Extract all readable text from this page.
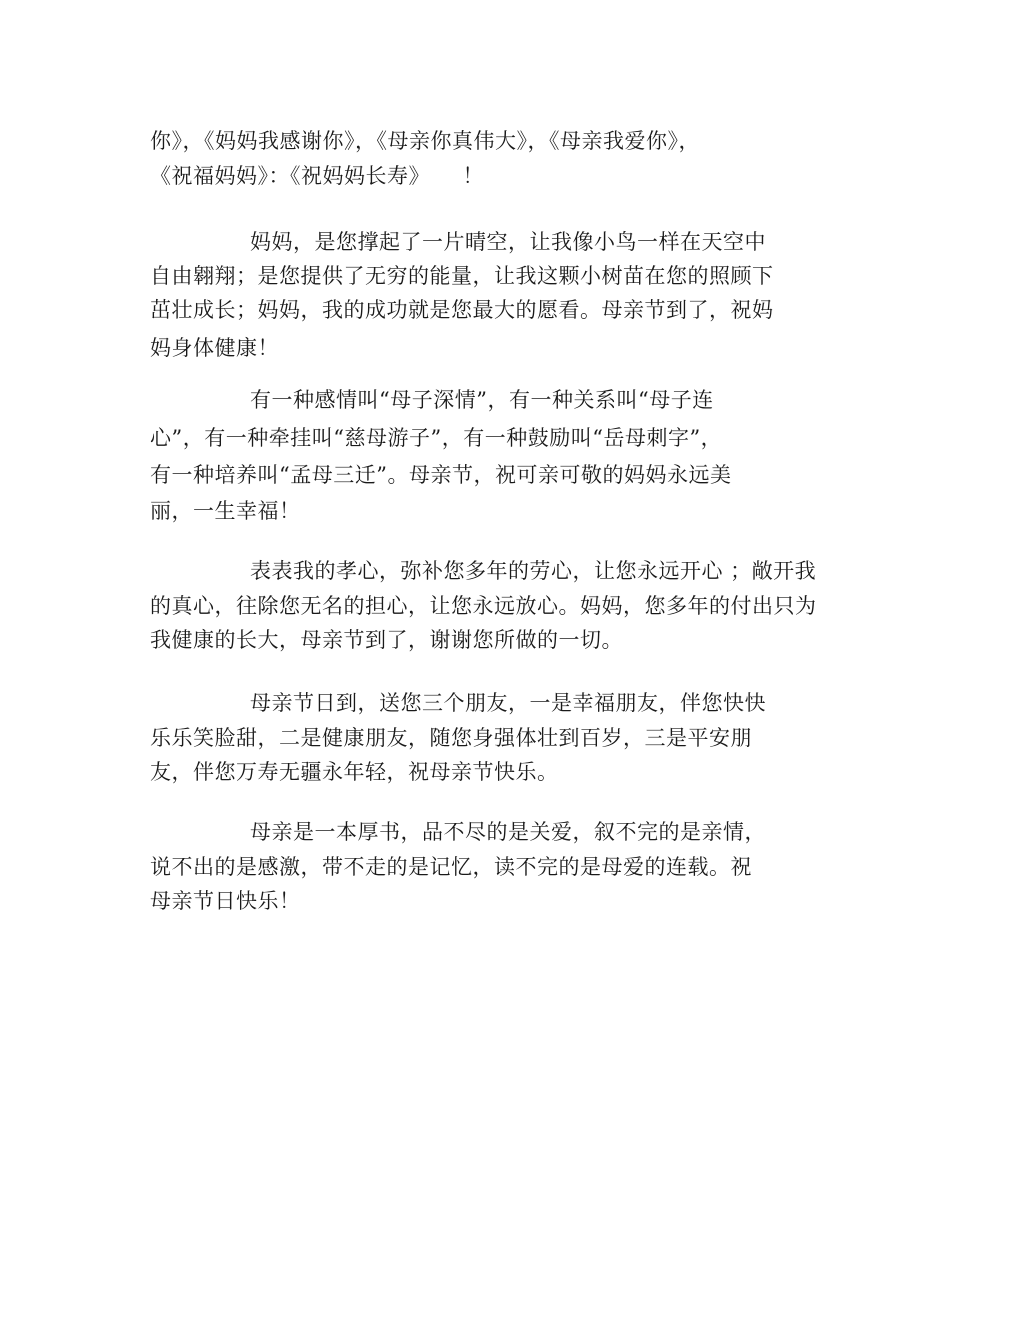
你》，《妈妈我感谢你》，《母亲你真伟大》，《母亲我爱你》，
《祝福妈妈》：《祝妈妈长寿》　　！
妈妈，是您撑起了一片晴空，让我像小鸟一样在天空中
自由翱翔；是您提供了无穷的能量，让我这颗小树苗在您的照顾下
茁壮成长；妈妈，我的成功就是您最大的愿看。母亲节到了，祝妈
妈身体健康！
有一种感情叫“母子深情”，有一种关系叫“母子连
心”，有一种牵挂叫“慈母游子”，有一种鼓励叫“岳母刺字”，
有一种培养叫“孟母三迁”。母亲节，祝可亲可敬的妈妈永远美
丽，一生幸福！
表表我的孝心，弥补您多年的劳心，让您永远开心 ；敞开我
的真心，往除您无名的担心，让您永远放心。妈妈，您多年的付出只为
我健康的长大，母亲节到了，谢谢您所做的一切。
母亲节日到，送您三个朋友，一是幸福朋友，伴您快快
乐乐笑脸甜，二是健康朋友，随您身强体壮到百岁，三是平安朋
友，伴您万寿无疆永年轻，祝母亲节快乐。
母亲是一本厚书，品不尽的是关爱，叙不完的是亲情，
说不出的是感激，带不走的是记忆，读不完的是母爱的连载。祝
母亲节日快乐！
